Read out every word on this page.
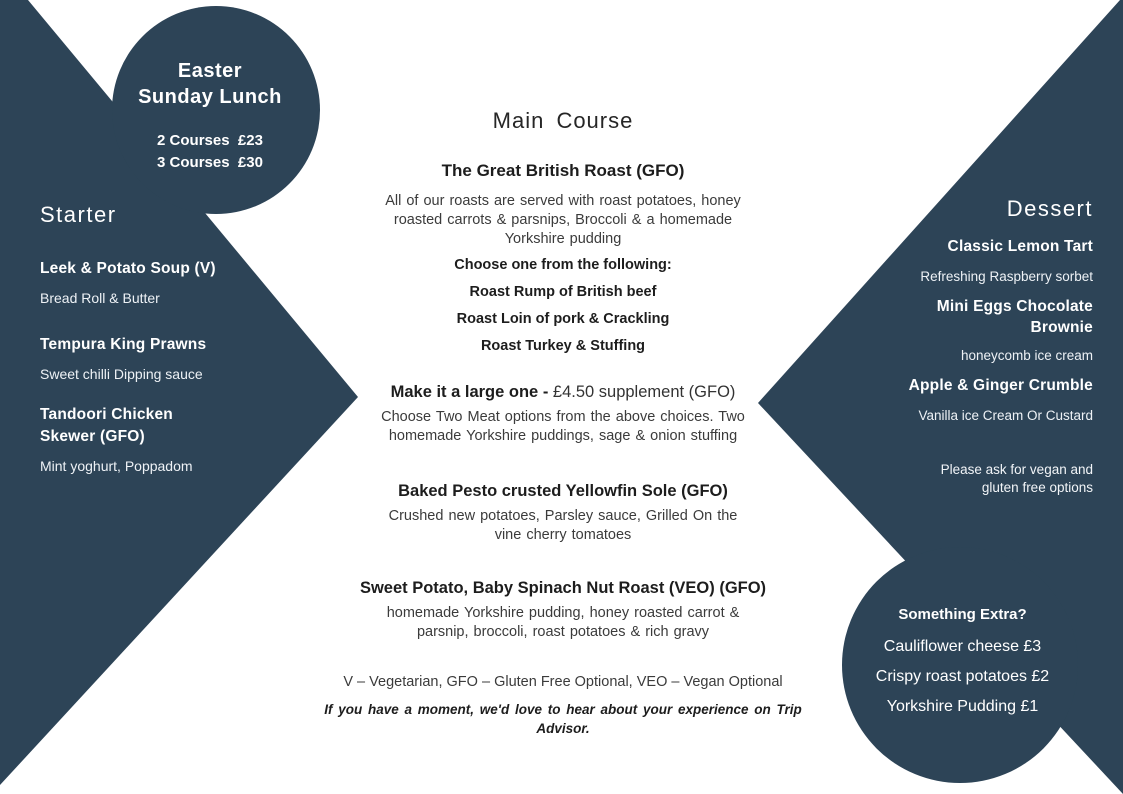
Easter
Sunday Lunch
2 Courses  £23
3 Courses  £30
Starter
Leek & Potato Soup (V)
Bread Roll & Butter
Tempura King Prawns
Sweet chilli Dipping sauce
Tandoori Chicken
Skewer (GFO)
Mint yoghurt, Poppadom
Main Course
The Great British Roast (GFO)
All of our roasts are served with roast potatoes, honey
roasted carrots & parsnips, Broccoli & a homemade
Yorkshire pudding
Choose one from the following:
Roast Rump of British beef
Roast Loin of pork & Crackling
Roast Turkey & Stuffing
Make it a large one - £4.50 supplement (GFO)
Choose Two Meat options from the above choices. Two
homemade Yorkshire puddings, sage & onion stuffing
Baked Pesto crusted Yellowfin Sole (GFO)
Crushed new potatoes, Parsley sauce, Grilled On the
vine cherry tomatoes
Sweet Potato, Baby Spinach Nut Roast (VEO) (GFO)
homemade Yorkshire pudding, honey roasted carrot &
parsnip, broccoli, roast potatoes & rich gravy
V – Vegetarian, GFO – Gluten Free Optional, VEO – Vegan Optional
If you have a moment, we'd love to hear about your experience on Trip Advisor.
Dessert
Classic Lemon Tart
Refreshing Raspberry sorbet
Mini Eggs Chocolate
Brownie
honeycomb ice cream
Apple & Ginger Crumble
Vanilla ice Cream Or Custard
Please ask for vegan and
gluten free options
Something Extra?
Cauliflower cheese £3
Crispy roast potatoes £2
Yorkshire Pudding £1
